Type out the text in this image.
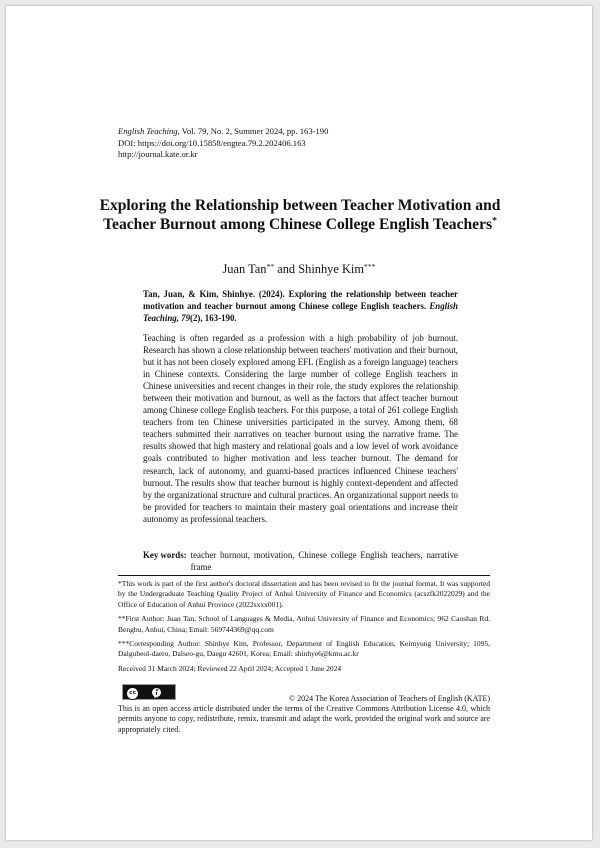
English Teaching, Vol. 79, No. 2, Summer 2024, pp. 163-190
DOI: https://doi.org/10.15858/engtea.79.2.202406.163
http://journal.kate.or.kr
Exploring the Relationship between Teacher Motivation and Teacher Burnout among Chinese College English Teachers*
Juan Tan** and Shinhye Kim***
Tan, Juan, & Kim, Shinhye. (2024). Exploring the relationship between teacher motivation and teacher burnout among Chinese college English teachers. English Teaching, 79(2), 163-190.
Teaching is often regarded as a profession with a high probability of job burnout. Research has shown a close relationship between teachers' motivation and their burnout, but it has not been closely explored among EFL (English as a foreign language) teachers in Chinese contexts. Considering the large number of college English teachers in Chinese universities and recent changes in their role, the study explores the relationship between their motivation and burnout, as well as the factors that affect teacher burnout among Chinese college English teachers. For this purpose, a total of 261 college English teachers from ten Chinese universities participated in the survey. Among them, 68 teachers submitted their narratives on teacher burnout using the narrative frame. The results showed that high mastery and relational goals and a low level of work avoidance goals contributed to higher motivation and less teacher burnout. The demand for research, lack of autonomy, and guanxi-based practices influenced Chinese teachers' burnout. The results show that teacher burnout is highly context-dependent and affected by the organizational structure and cultural practices. An organizational support needs to be provided for teachers to maintain their mastery goal orientations and increase their autonomy as professional teachers.
Key words: teacher burnout, motivation, Chinese college English teachers, narrative frame

*This work is part of the first author's doctoral dissertation and has been revised to fit the journal format. It was supported by the Undergraduate Teaching Quality Project of Anhui University of Finance and Economics (acszfk2022029) and the Office of Education of Anhui Province (2022sxxx001).

**First Author: Juan Tan, School of Languages & Media, Anhui University of Finance and Economics; 962 Caoshan Rd. Bengbu, Anhui, China; Email: 569744369@qq.com

***Corresponding Author: Shinhye Kim, Professor, Department of English Education, Keimyung University; 1095, Dalgubeol-daero, Dalseo-gu, Daegu 42601, Korea; Email: shinhye6@kmu.ac.kr

Received 31 March 2024; Reviewed 22 April 2024; Accepted 1 June 2024

cc
BY	© 2024 The Korea Association of Teachers of English (KATE)
This is an open access article distributed under the terms of the Creative Commons Attribution License 4.0, which permits anyone to copy, redistribute, remix, transmit and adapt the work, provided the original work and source are appropriately cited.
